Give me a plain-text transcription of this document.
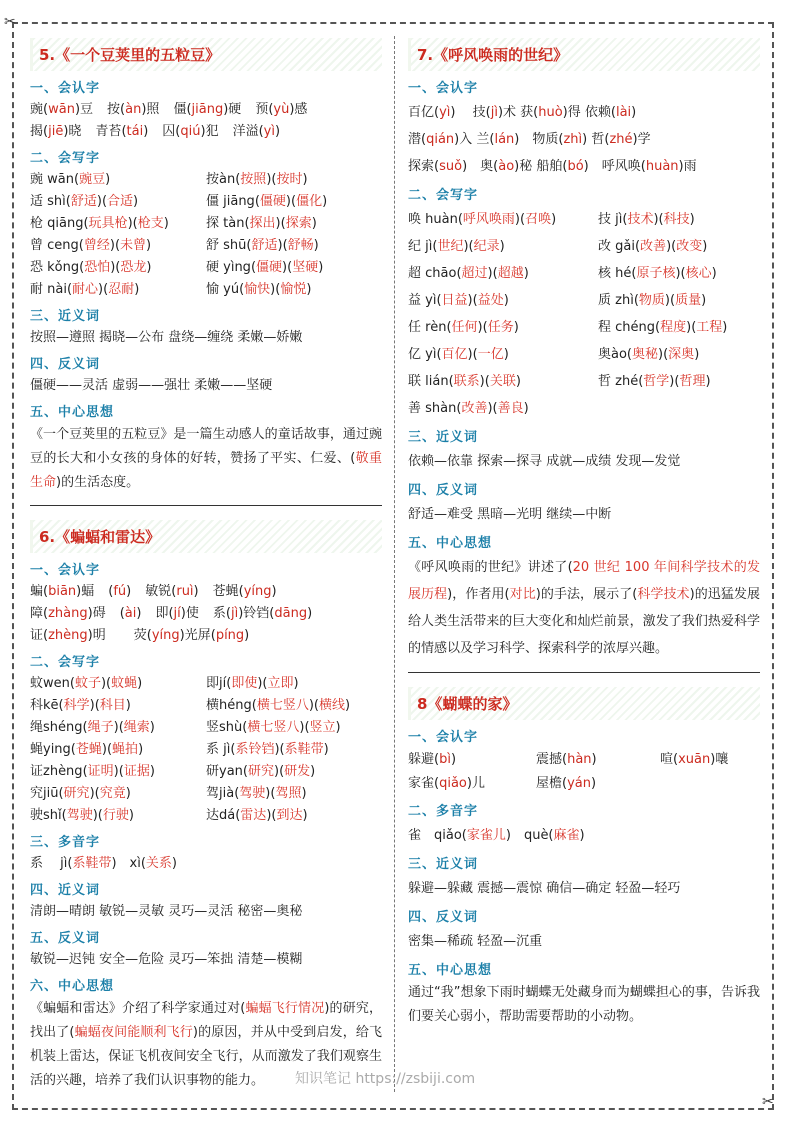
✂
✂
5.《一个豆荚里的五粒豆》
一、会认字
豌(wān)豆 按(àn)照 僵(jiāng)硬 预(yù)感
揭(jiē)晓 青苔(tái) 囚(qiú)犯 洋溢(yì)
二、会写字
豌 wān(豌豆)	按àn(按照)(按时)
适 shì(舒适)(合适)	僵 jiāng(僵硬)(僵化)
枪 qiāng(玩具枪)(枪支)	探 tàn(探出)(探索)
曾 ceng(曾经)(未曾)	舒 shū(舒适)(舒畅)
恐 kǒng(恐怕)(恐龙)	硬 yìng(僵硬)(坚硬)
耐 nài(耐心)(忍耐)	愉 yú(愉快)(愉悦)
三、近义词
按照—遵照 揭晓—公布 盘绕—缠绕 柔嫩—娇嫩
四、反义词
僵硬——灵活 虚弱——强壮 柔嫩——坚硬
五、中心思想
《一个豆荚里的五粒豆》是一篇生动感人的童话故事，通过豌豆的长大和小女孩的身体的好转，赞扬了平实、仁爱、(敬重生命)的生活态度。
6.《蝙蝠和雷达》
一、会认字
蝙(biān)蝠 (fú) 敏锐(ruì) 苍蝇(yíng)
障(zhàng)碍 (ài) 即(jí)使 系(jì)铃铛(dāng)
证(zhèng)明 荧(yíng)光屏(píng)
二、会写字
蚊wen(蚊子)(蚊蝇)	即jí(即使)(立即)
科kē(科学)(科目)	横héng(横七竖八)(横线)
绳shéng(绳子)(绳索)	竖shù(横七竖八)(竖立)
蝇ying(苍蝇)(蝇拍)	系 jì(系铃铛)(系鞋带)
证zhèng(证明)(证据)	研yan(研究)(研发)
究jiū(研究)(究竟)	驾jià(驾驶)(驾照)
驶shǐ(驾驶)(行驶)	达dá(雷达)(到达)
三、多音字
系　 jì(系鞋带)　xì(关系)
四、近义词
清朗—晴朗 敏锐—灵敏 灵巧—灵活 秘密—奥秘
五、反义词
敏锐—迟钝 安全—危险 灵巧—笨拙 清楚—模糊
六、中心思想
《蝙蝠和雷达》介绍了科学家通过对(蝙蝠飞行情况)的研究，找出了(蝙蝠夜间能顺利飞行)的原因，并从中受到启发，给飞机装上雷达，保证飞机夜间安全飞行，从而激发了我们观察生活的兴趣，培养了我们认识事物的能力。
7.《呼风唤雨的世纪》
一、会认字
百亿(yì)　 技(jì)术 获(huò)得 依赖(lài)
潜(qián)入 兰(lán)　物质(zhì) 哲(zhé)学
探索(suǒ)　奥(ào)秘 船舶(bó)　呼风唤(huàn)雨
二、会写字
唤 huàn(呼风唤雨)(召唤)	技 jì(技术)(科技)
纪 jì(世纪)(纪录)	改 gǎi(改善)(改变)
超 chāo(超过)(超越)	核 hé(原子核)(核心)
益 yì(日益)(益处)	质 zhì(物质)(质量)
任 rèn(任何)(任务)	程 chéng(程度)(工程)
亿 yì(百亿)(一亿)	奥ào(奥秘)(深奥)
联 lián(联系)(关联)	哲 zhé(哲学)(哲理)
善 shàn(改善)(善良)
三、近义词
依赖—依靠 探索—探寻 成就—成绩 发现—发觉
四、反义词
舒适—难受 黑暗—光明 继续—中断
五、中心思想
《呼风唤雨的世纪》讲述了(20 世纪 100 年间科学技术的发展历程)，作者用(对比)的手法，展示了(科学技术)的迅猛发展给人类生活带来的巨大变化和灿烂前景，激发了我们热爱科学的情感以及学习科学、探索科学的浓厚兴趣。
8《蝴蝶的家》
一、会认字
躲避(bì)	震撼(hàn)	喧(xuān)嚷
家雀(qiǎo)儿	屋檐(yán)
二、多音字
雀　qiǎo(家雀儿)　què(麻雀)
三、近义词
躲避—躲藏 震撼—震惊 确信—确定 轻盈—轻巧
四、反义词
密集—稀疏 轻盈—沉重
五、中心思想
通过“我”想象下雨时蝴蝶无处藏身而为蝴蝶担心的事，告诉我们要关心弱小，帮助需要帮助的小动物。
知识笔记 https://zsbiji.com
